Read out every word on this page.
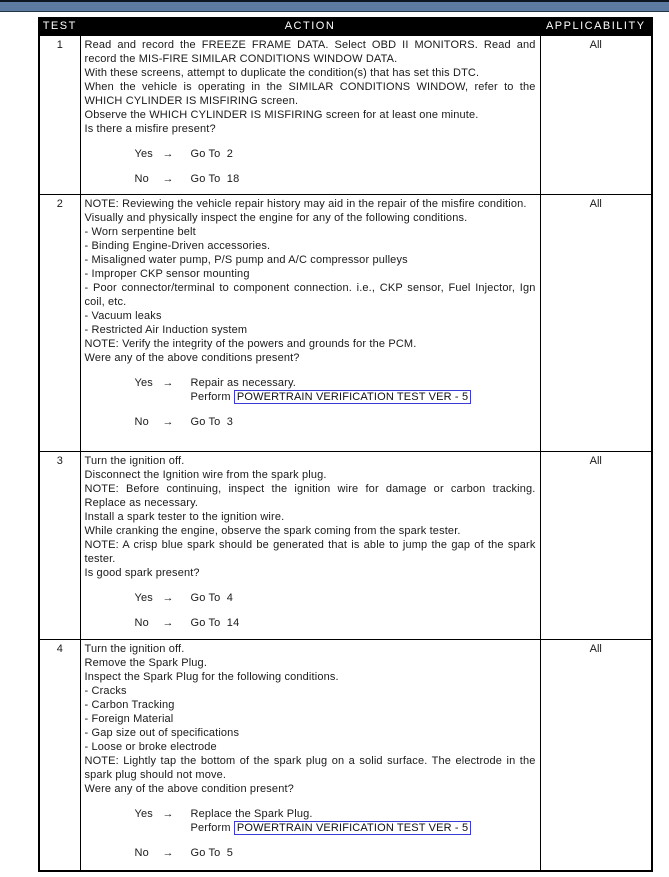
TEST	ACTION	APPLICABILITY
1	Read and record the FREEZE FRAME DATA. Select OBD II MONITORS. Read and record the MIS-FIRE SIMILAR CONDITIONS WINDOW DATA.
With these screens, attempt to duplicate the condition(s) that has set this DTC.
When the vehicle is operating in the SIMILAR CONDITIONS WINDOW, refer to the WHICH CYLINDER IS MISFIRING screen.
Observe the WHICH CYLINDER IS MISFIRING screen for at least one minute.
Is there a misfire present?
Yes →	Go To  2
No	→	Go To  18
	All
2	NOTE: Reviewing the vehicle repair history may aid in the repair of the misfire condition.
Visually and physically inspect the engine for any of the following conditions.
- Worn serpentine belt
- Binding Engine-Driven accessories.
- Misaligned water pump, P/S pump and A/C compressor pulleys
- Improper CKP sensor mounting
- Poor connector/terminal to component connection. i.e., CKP sensor, Fuel Injector, Ign coil, etc.
- Vacuum leaks
- Restricted Air Induction system
NOTE: Verify the integrity of the powers and grounds for the PCM.
Were any of the above conditions present?
Yes →	Repair as necessary.
Perform POWERTRAIN VERIFICATION TEST VER - 5
No	→	Go To  3
	All
3	Turn the ignition off.
Disconnect the Ignition wire from the spark plug.
NOTE: Before continuing, inspect the ignition wire for damage or carbon tracking. Replace as necessary.
Install a spark tester to the ignition wire.
While cranking the engine, observe the spark coming from the spark tester.
NOTE: A crisp blue spark should be generated that is able to jump the gap of the spark tester.
Is good spark present?
Yes →	Go To  4
No	→	Go To  14
	All
4	Turn the ignition off.
Remove the Spark Plug.
Inspect the Spark Plug for the following conditions.
- Cracks
- Carbon Tracking
- Foreign Material
- Gap size out of specifications
- Loose or broke electrode
NOTE: Lightly tap the bottom of the spark plug on a solid surface. The electrode in the spark plug should not move.
Were any of the above condition present?
Yes →	Replace the Spark Plug.
Perform POWERTRAIN VERIFICATION TEST VER - 5
No	→	Go To  5
	All
